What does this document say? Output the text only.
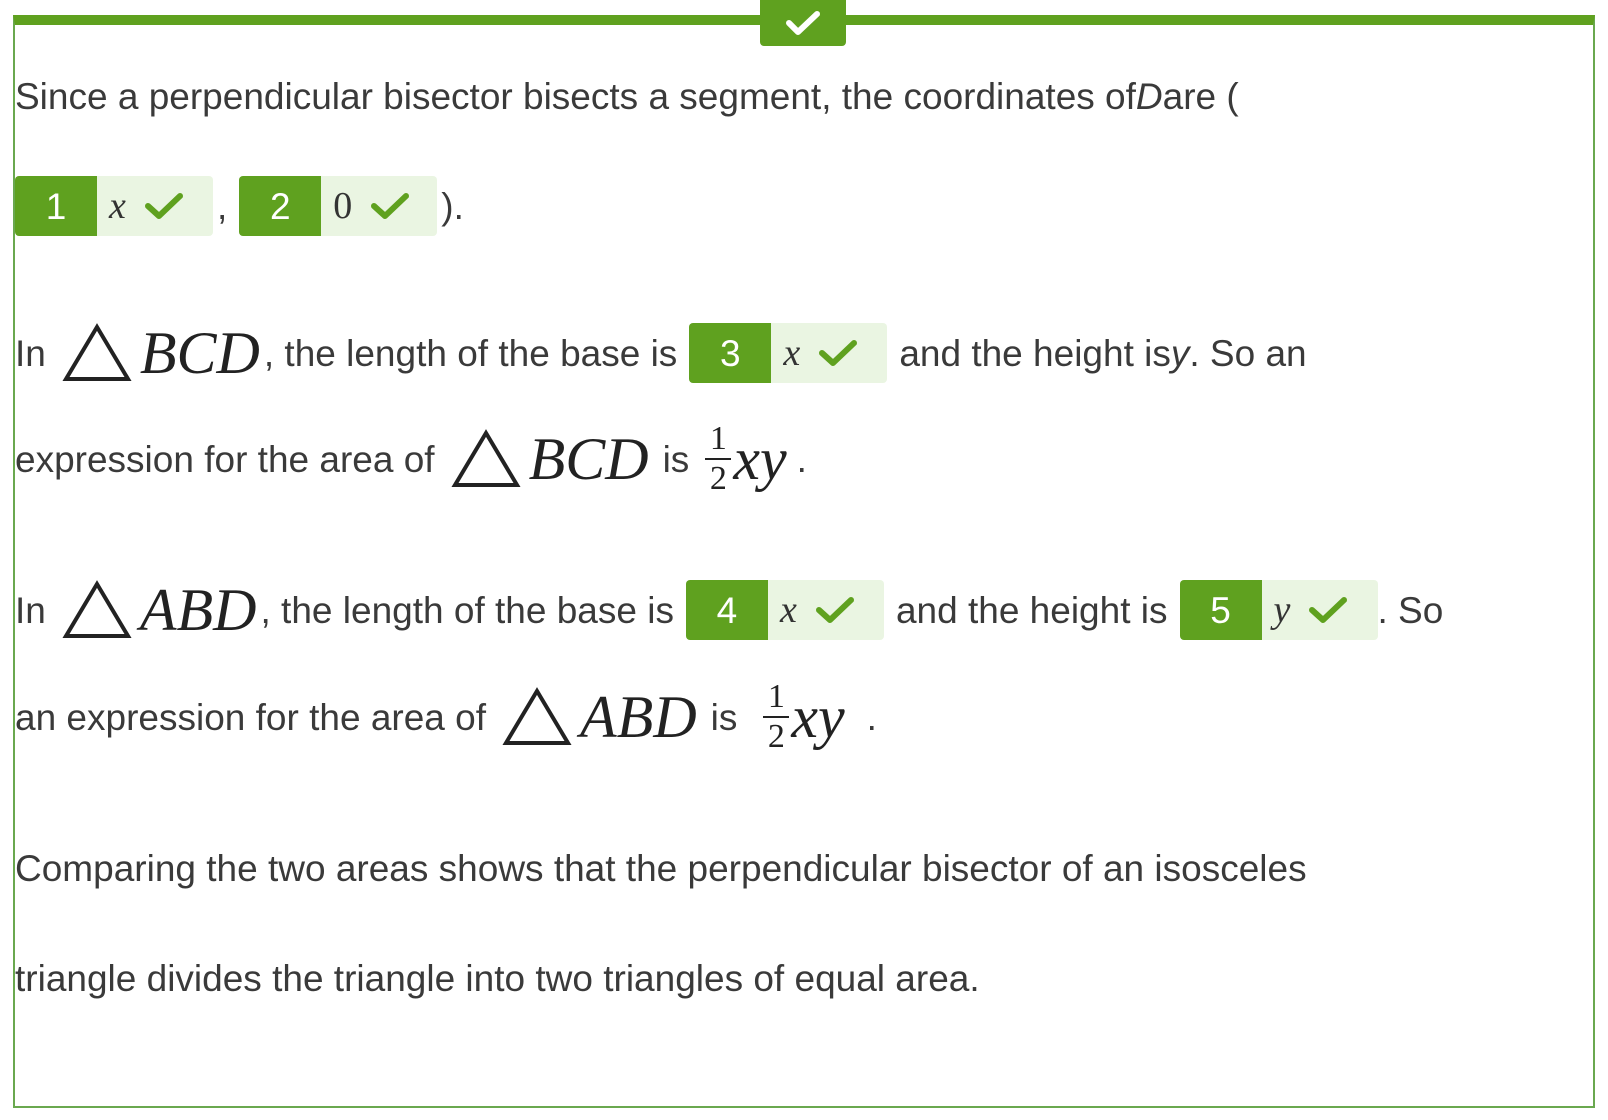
Since a perpendicular bisector bisects a segment, the coordinates of D are (
1	x ,	2	0 ).
In BCD , the length of the base is	3	x	and the height is y . So an
expression for the area of BCD is $\frac{1}{2}$ xy .
In ABD , the length of the base is	4	x	and the height is	5	y . So
an expression for the area of ABD is $\frac{1}{2}$ xy .
Comparing the two areas shows that the perpendicular bisector of an isosceles
triangle divides the triangle into two triangles of equal area.
